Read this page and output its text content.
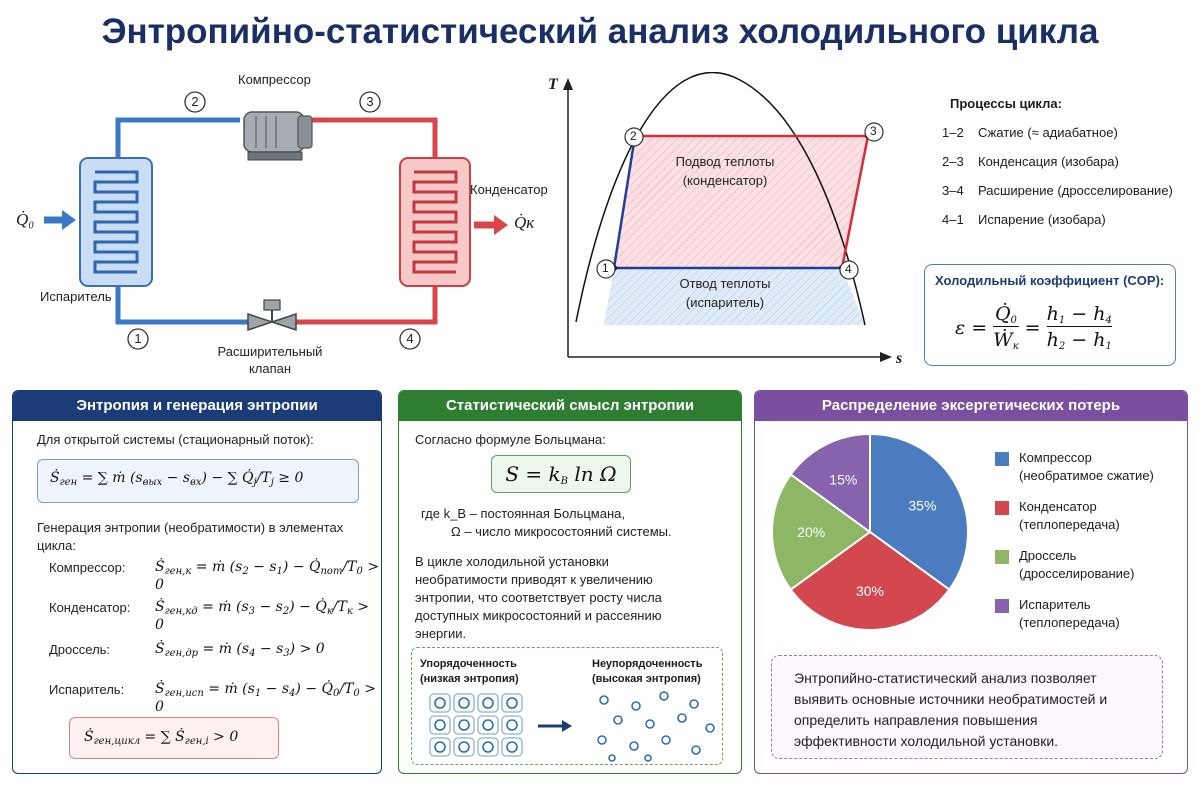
Энтропийно-статистический анализ холодильного цикла
2	3
1	4
Компрессор
Конденсатор
Испаритель
Расширительный
клапан
Q̇₀	Q̇к
T
s
1
2	3
4
Подвод теплоты
(конденсатор)
Отвод теплоты
(испаритель)
Процессы цикла:
1–2 Сжатие (≈ адиабатное)
2–3 Конденсация (изобара)
3–4 Расширение (дросселирование)
4–1 Испарение (изобара)
Холодильный коэффициент (COP):
ε =
$Q̇_0$
Ẇ$_к$
= $\frac{h_1 - h_4}{h_2 - h_1}$
Энтропия и генерация энтропии
Для открытой системы (стационарный поток):
Ṡ$_{ген}$ = ∑ ṁ $(s_{вых} - s_{вх})$ − ∑ $Q̇_j/T_j \ge 0$
Генерация энтропии (необратимости) в элементах цикла:
Компрессор: Ṡ$_{ген,к}$ = ṁ $(s_2 - s_1)$ − $Q̇_{пот}/T_0 > 0$
Конденсатор: Ṡ$_{ген,кд}$ = ṁ $(s_3 - s_2)$ − $Q̇_к/T_к > 0$
Дроссель:	Ṡ$_{ген,др}$ = ṁ $(s_4 - s_3) > 0$
Испаритель: Ṡ$_{ген,исп}$ = ṁ $(s_1 - s_4)$ − $Q̇_0/T_0 > 0$
Ṡ$_{ген,цикл}$ = ∑ Ṡ$_{ген,i}$ > 0
Статистический смысл энтропии
Согласно формуле Больцмана:
$S = k_B$ ln Ω
где k_B – постоянная Больцмана,
Ω – число микросостояний системы.
В цикле холодильной установки необратимости приводят к увеличению энтропии, что соответствует росту числа доступных микросостояний и рассеянию энергии.
Упорядоченность
(низкая энтропия)
Неупорядоченность
(высокая энтропия)
Распределение эксергетических потерь
35%
30%
20%
15%
Компрессор
(необратимое сжатие)
Конденсатор
(теплопередача)
Дроссель
(дросселирование)
Испаритель
(теплопередача)
Энтропийно-статистический анализ позволяет выявить основные источники необратимостей и определить направления повышения эффективности холодильной установки.
